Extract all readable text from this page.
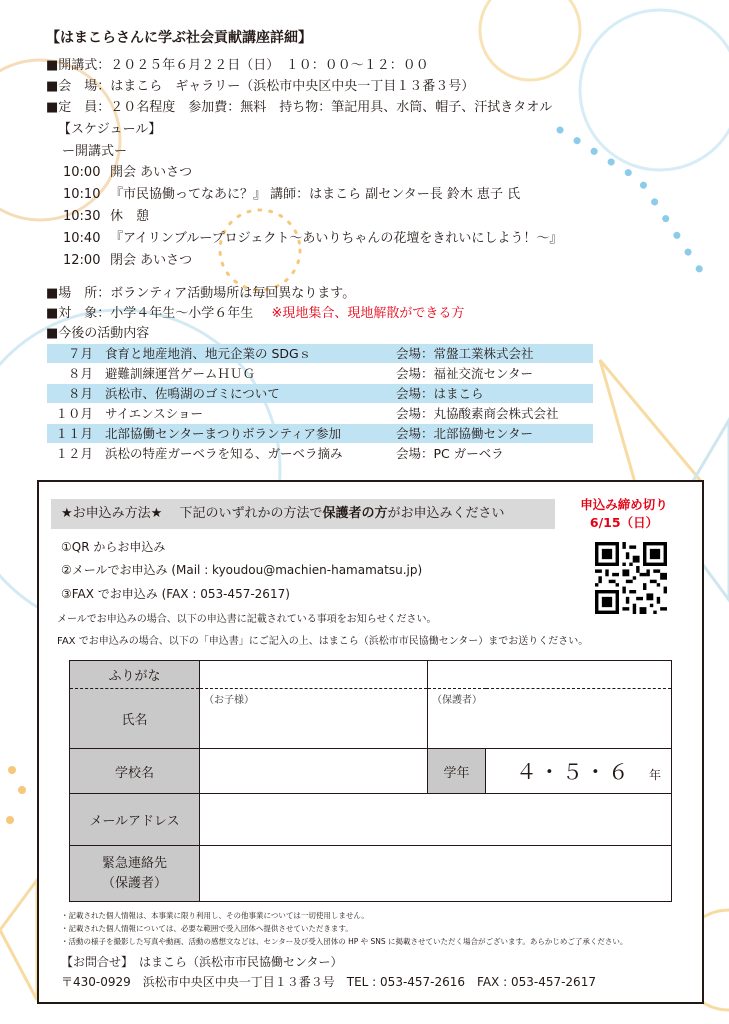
【はまこらさんに学ぶ社会貢献講座詳細】
■開講式：２０２５年６月２２日（日）　１０：００～１２：００
■会　場：はまこら　ギャラリー（浜松市中央区中央一丁目１３番３号）
■定　員：２０名程度　参加費：無料　持ち物：筆記用具、水筒、帽子、汗拭きタオル
【スケジュール】
ー開講式ー
10:00 開会 あいさつ
10:10 『市民協働ってなあに？』 講師：はまこら 副センター長 鈴木 恵子 氏
10:30 休　憩
10:40 『アイリンブループロジェクト～あいりちゃんの花壇をきれいにしよう！～』
12:00 閉会 あいさつ
■場　所：ボランティア活動場所は毎回異なります。
■対　象：小学４年生～小学６年生 ※現地集合、現地解散ができる方
■今後の活動内容
７月 食育と地産地消、地元企業の SDGｓ	会場：常盤工業株式会社
８月 避難訓練運営ゲームＨＵＧ	会場：福祉交流センター
８月 浜松市、佐鳴湖のゴミについて	会場：はまこら
１０月 サイエンスショー	会場：丸協酸素商会株式会社
１１月 北部協働センターまつりボランティア参加	会場：北部協働センター
１２月 浜松の特産ガーベラを知る、ガーベラ摘み	会場：PC ガーベラ
★お申込み方法★　 下記のいずれかの方法で保護者の方がお申込みください
申込み締め切り
6/15（日）
①QR からお申込み
②メールでお申込み (Mail : kyoudou@machien-hamamatsu.jp)
③FAX でお申込み (FAX : 053-457-2617)
メールでお申込みの場合、以下の申込書に記載されている事項をお知らせください。
FAX でお申込みの場合、以下の「申込書」にご記入の上、はまこら（浜松市市民協働センター）までお送りください。
ふりがな			
氏名	（お子様）	（保護者）	

学校名		学年	４・５・６ 年
メールアドレス			

緊急連絡先
（保護者）			

・記載された個人情報は、本事業に限り利用し、その他事業については一切使用しません。
・記載された個人情報については、必要な範囲で受入団体へ提供させていただきます。
・活動の様子を撮影した写真や動画、活動の感想文などは、センター及び受入団体の HP や SNS に掲載させていただく場合がございます。あらかじめご了承ください。
【お問合せ】　はまこら（浜松市市民協働センター）
〒430-0929　浜松市中央区中央一丁目１３番３号　TEL : 053-457-2616　FAX : 053-457-2617
